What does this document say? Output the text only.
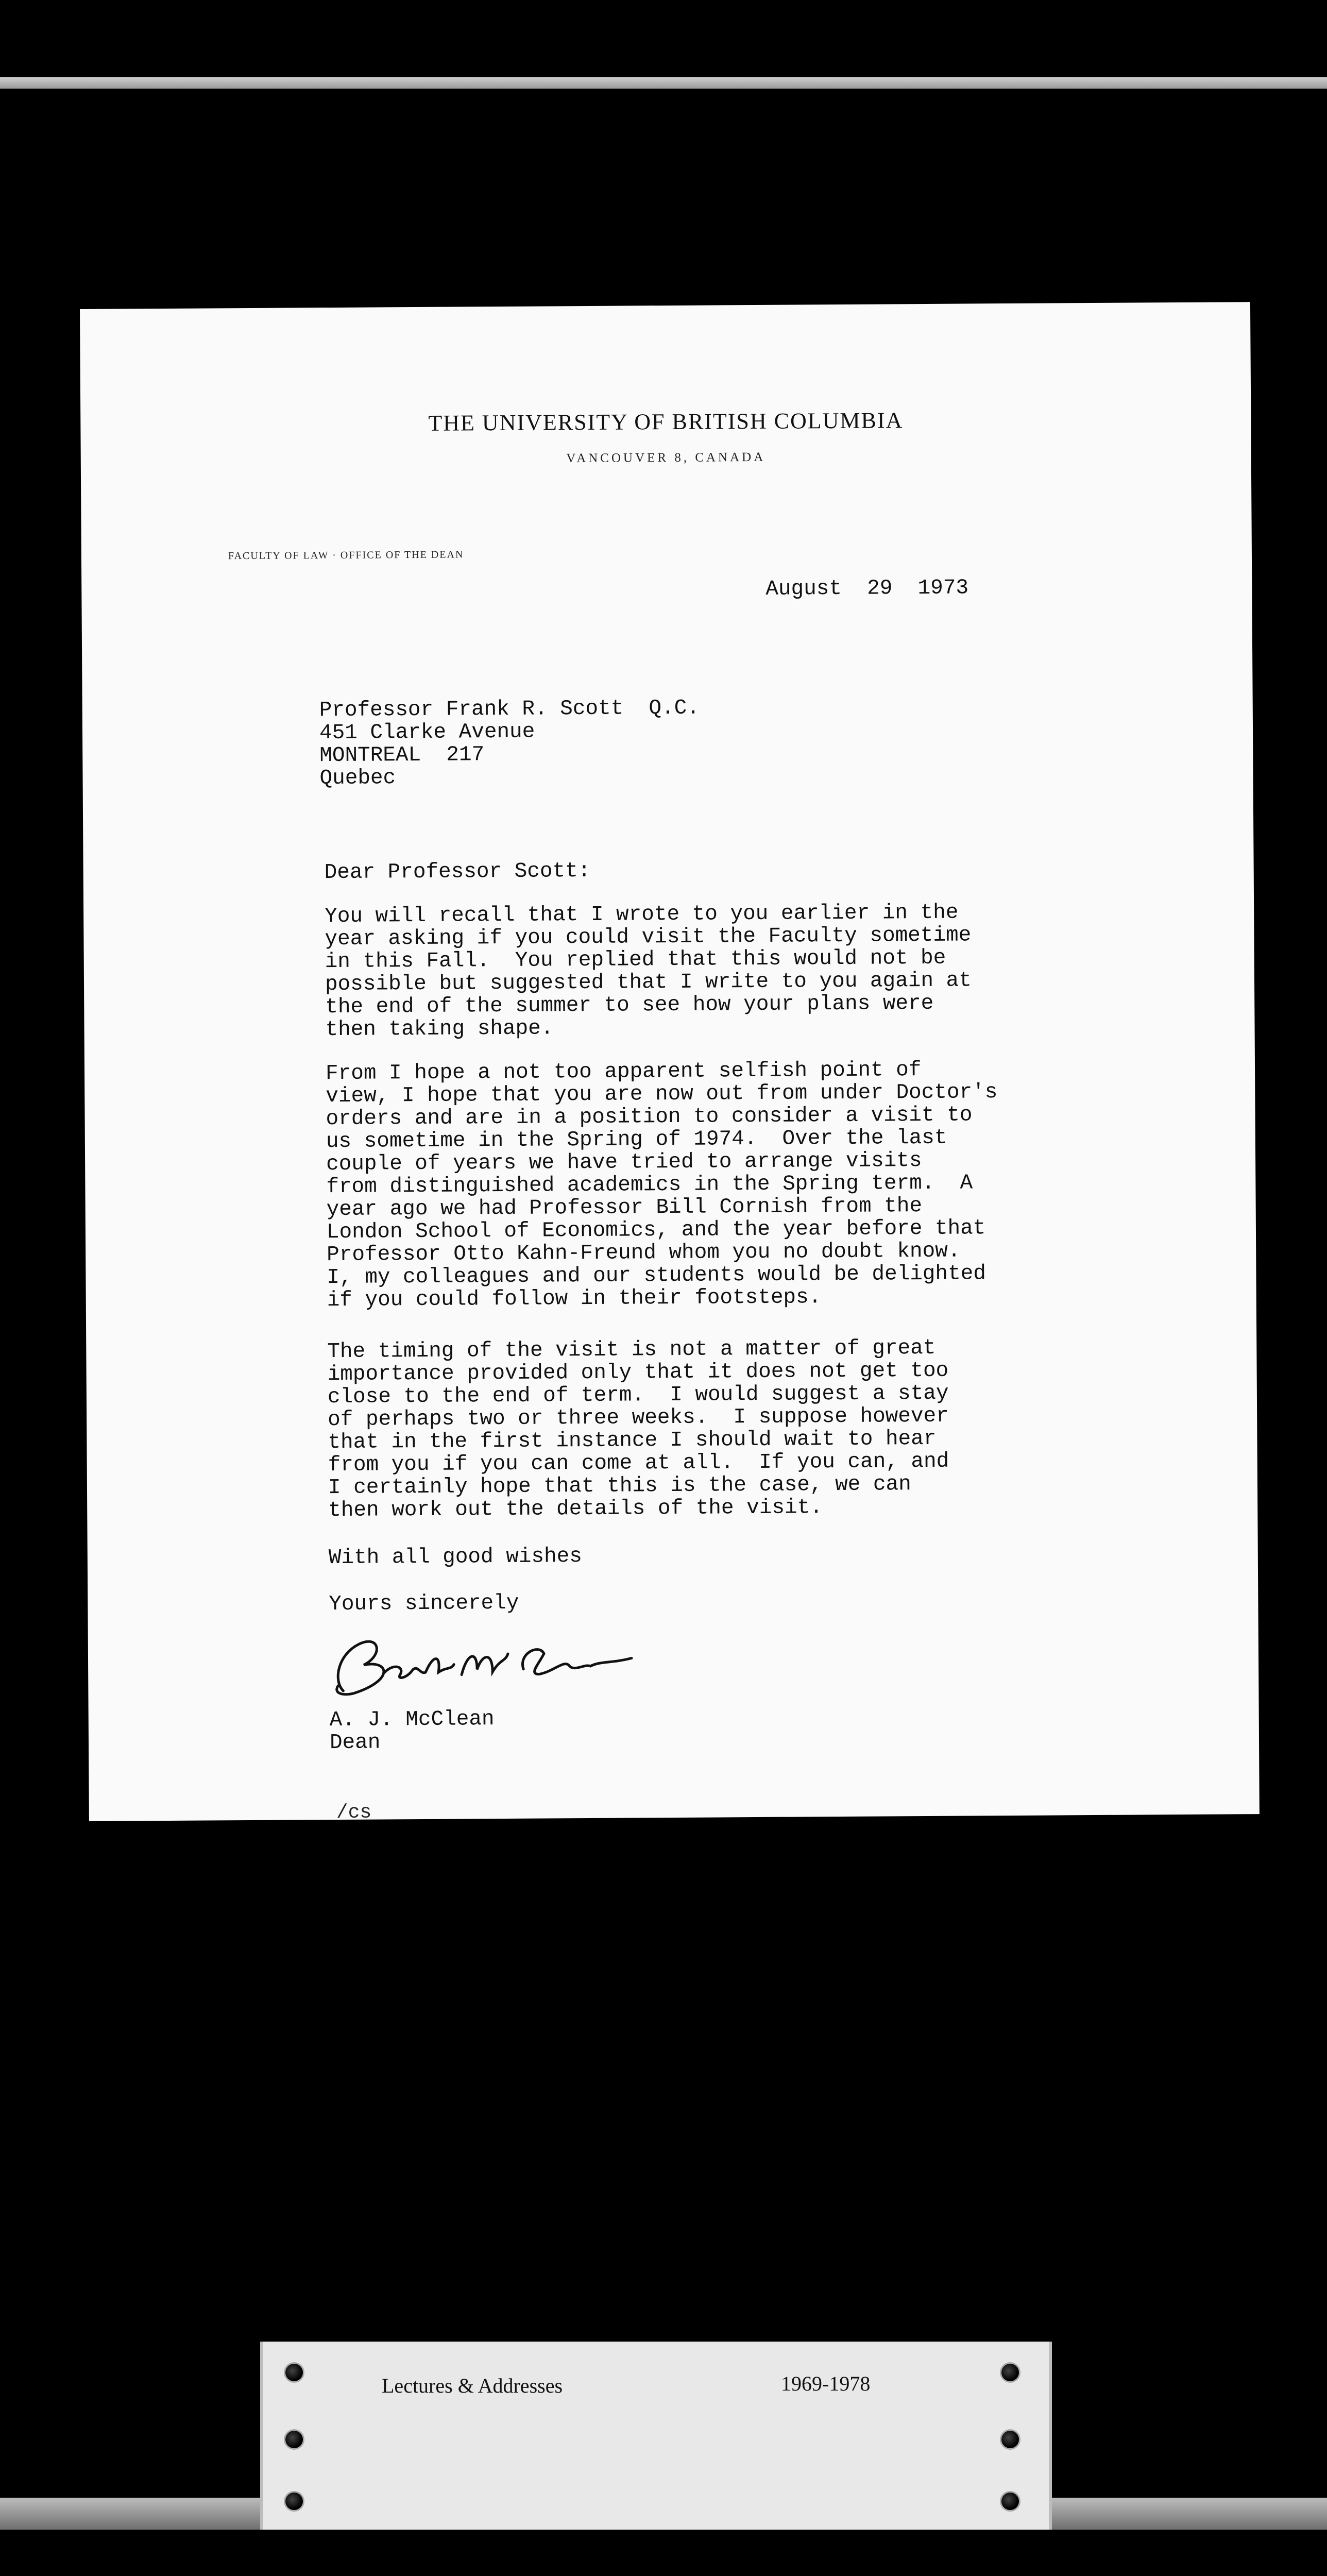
THE UNIVERSITY OF BRITISH COLUMBIA
VANCOUVER 8, CANADA
FACULTY OF LAW · OFFICE OF THE DEAN
August  29  1973
Professor Frank R. Scott  Q.C.
451 Clarke Avenue
MONTREAL  217
Quebec
Dear Professor Scott:
You will recall that I wrote to you earlier in the
year asking if you could visit the Faculty sometime
in this Fall.  You replied that this would not be
possible but suggested that I write to you again at
the end of the summer to see how your plans were
then taking shape.
From I hope a not too apparent selfish point of
view, I hope that you are now out from under Doctor's
orders and are in a position to consider a visit to
us sometime in the Spring of 1974.  Over the last
couple of years we have tried to arrange visits
from distinguished academics in the Spring term.  A
year ago we had Professor Bill Cornish from the
London School of Economics, and the year before that
Professor Otto Kahn-Freund whom you no doubt know.
I, my colleagues and our students would be delighted
if you could follow in their footsteps.
The timing of the visit is not a matter of great
importance provided only that it does not get too
close to the end of term.  I would suggest a stay
of perhaps two or three weeks.  I suppose however
that in the first instance I should wait to hear
from you if you can come at all.  If you can, and
I certainly hope that this is the case, we can
then work out the details of the visit.
With all good wishes
Yours sincerely
A. J. McClean
Dean
/cs
Lectures & Addresses	1969-1978
